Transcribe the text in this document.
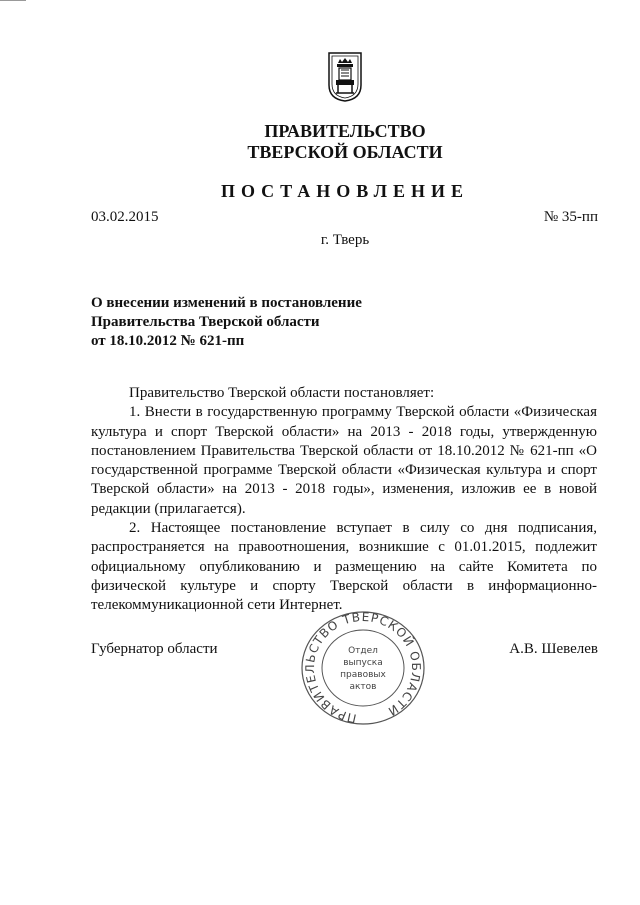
ПРАВИТЕЛЬСТВО
ТВЕРСКОЙ ОБЛАСТИ
ПОСТАНОВЛЕНИЕ
03.02.2015	№ 35-пп
г. Тверь
О внесении изменений в постановление
Правительства Тверской области
от 18.10.2012 № 621-пп

Правительство Тверской области постановляет:

1. Внести в государственную программу Тверской области «Физическая культура и спорт Тверской области» на 2013 - 2018 годы, утвержденную постановлением Правительства Тверской области от 18.10.2012 № 621-пп «О государственной программе Тверской области «Физическая культура и спорт Тверской области» на 2013 - 2018 годы», изменения, изложив ее в новой редакции (прилагается).

2. Настоящее постановление вступает в силу со дня подписания, распространяется на правоотношения, возникшие с 01.01.2015, подлежит официальному опубликованию и размещению на сайте Комитета по физической культуре и спорту Тверской области в информационно-телекоммуникационной сети Интернет.

Губернатор области
ПРАВИТЕЛЬСТВО ТВЕРСКОЙ ОБЛАСТИ
Отдел
выпуска
правовых
актов
А.В. Шевелев
